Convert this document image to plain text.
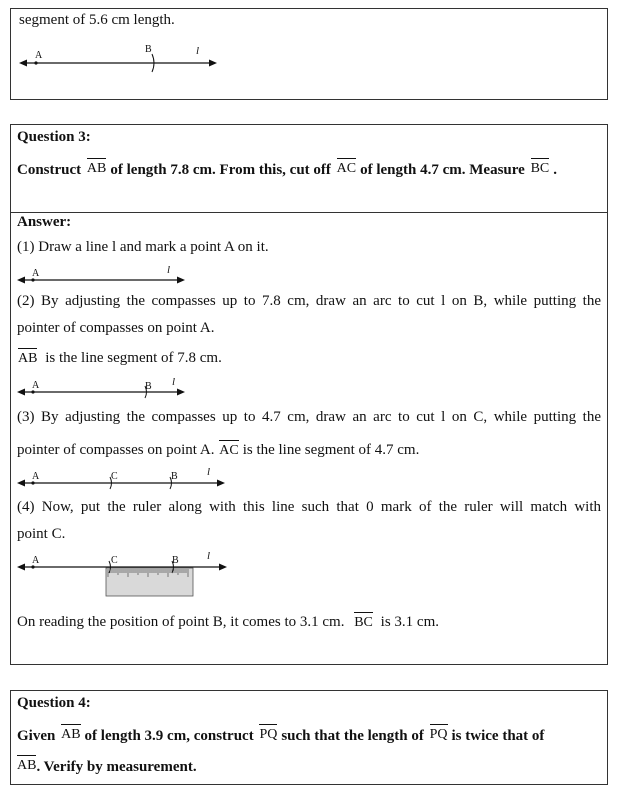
segment of 5.6 cm length.
A
B	l
Question 3:
Construct AB of length 7.8 cm. From this, cut off AC of length 4.7 cm. Measure BC .
Answer:
(1) Draw a line l and mark a point A on it.
A	l
(2) By adjusting the compasses up to 7.8 cm, draw an arc to cut l on B, while putting the
pointer of compasses on point A.
AB is the line segment of 7.8 cm.
A	B l
(3) By adjusting the compasses up to 4.7 cm, draw an arc to cut l on C, while putting the
pointer of compasses on point A. AC is the line segment of 4.7 cm.
A	C	B	l
(4) Now, put the ruler along with this line such that 0 mark of the ruler will match with
point C.
A	C	B	l
On reading the position of point B, it comes to 3.1 cm. BC is 3.1 cm.
Question 4:
Given AB of length 3.9 cm, construct PQ such that the length of PQ is twice that of
AB. Verify by measurement.
